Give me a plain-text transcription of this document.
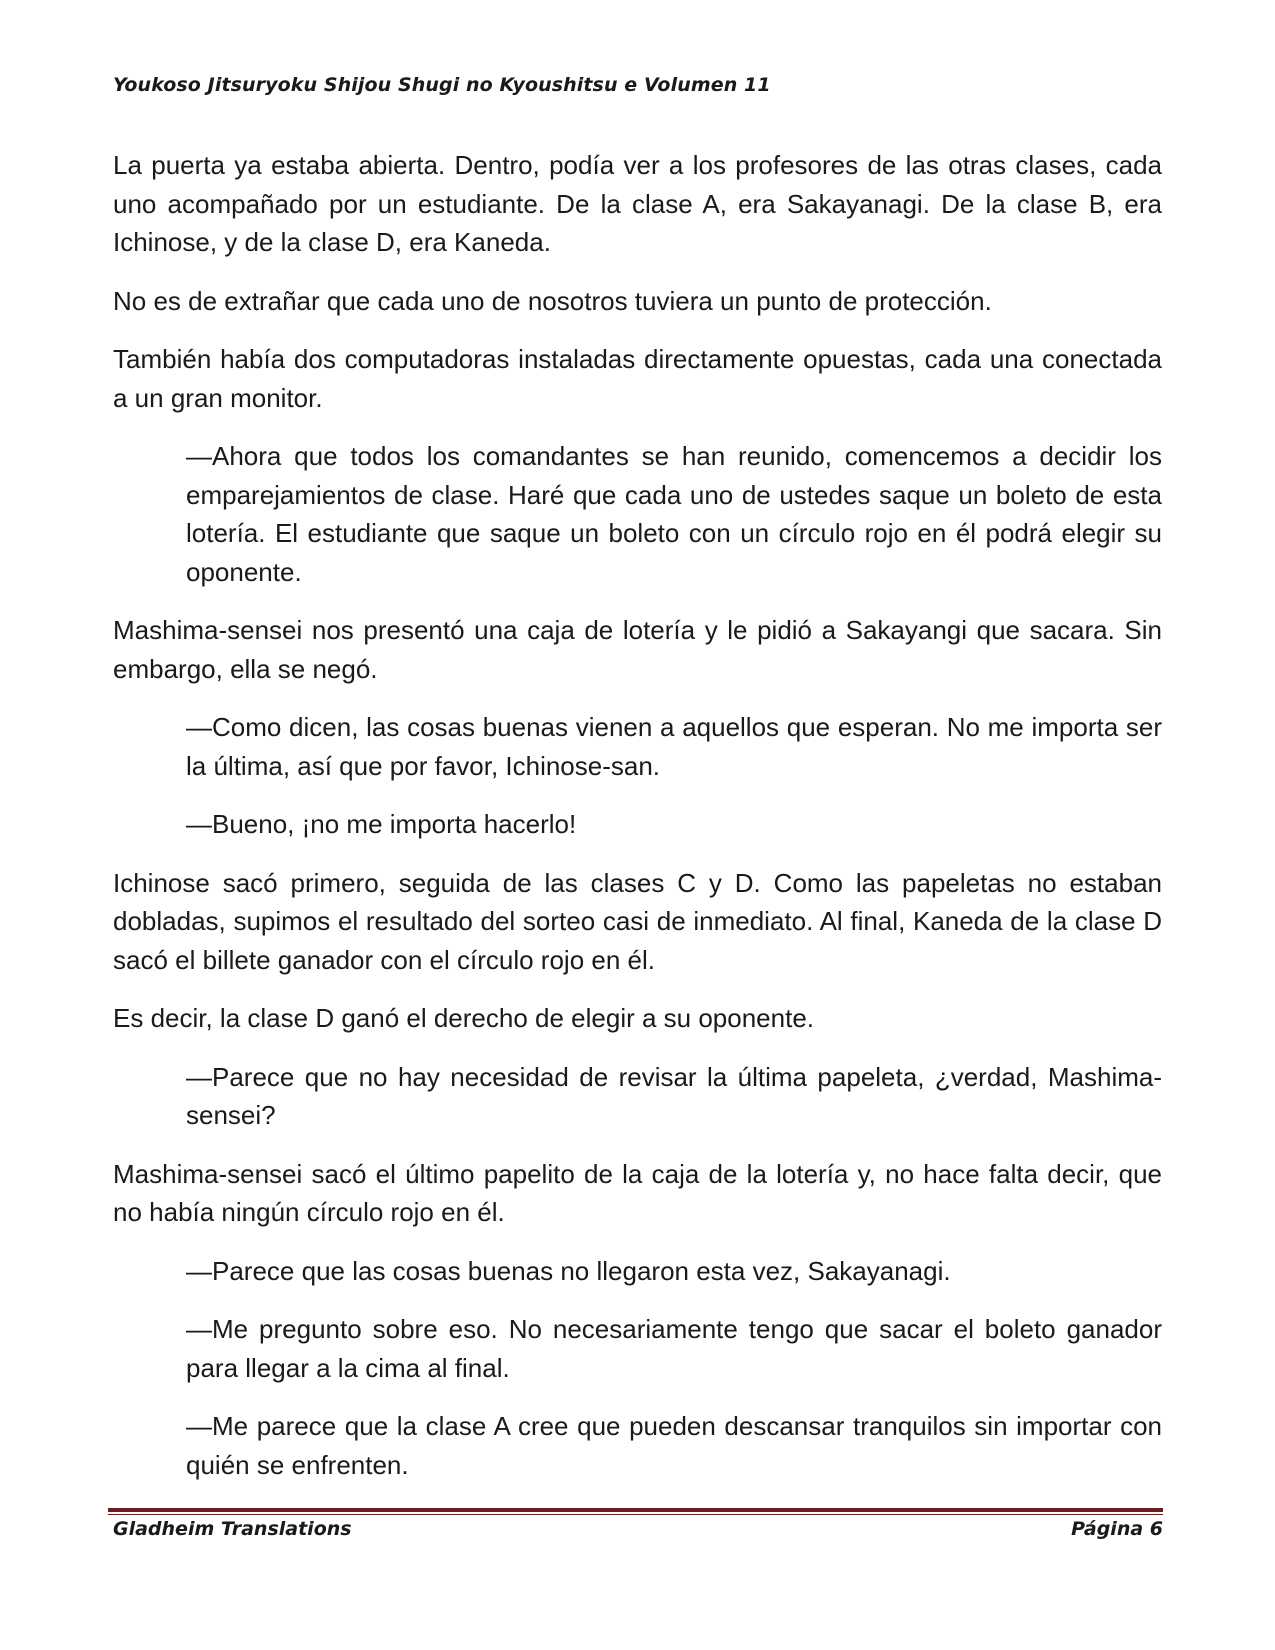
Youkoso Jitsuryoku Shijou Shugi no Kyoushitsu e Volumen 11

La puerta ya estaba abierta. Dentro, podía ver a los profesores de las otras clases, cada uno acompañado por un estudiante. De la clase A, era Sakayanagi. De la clase B, era Ichinose, y de la clase D, era Kaneda.

No es de extrañar que cada uno de nosotros tuviera un punto de protección.

También había dos computadoras instaladas directamente opuestas, cada una conectada a un gran monitor.

—Ahora que todos los comandantes se han reunido, comencemos a decidir los emparejamientos de clase. Haré que cada uno de ustedes saque un boleto de esta lotería. El estudiante que saque un boleto con un círculo rojo en él podrá elegir su oponente.

Mashima-sensei nos presentó una caja de lotería y le pidió a Sakayangi que sacara. Sin embargo, ella se negó.

—Como dicen, las cosas buenas vienen a aquellos que esperan. No me importa ser la última, así que por favor, Ichinose-san.

—Bueno, ¡no me importa hacerlo!

Ichinose sacó primero, seguida de las clases C y D. Como las papeletas no estaban dobladas, supimos el resultado del sorteo casi de inmediato. Al final, Kaneda de la clase D sacó el billete ganador con el círculo rojo en él.

Es decir, la clase D ganó el derecho de elegir a su oponente.

—Parece que no hay necesidad de revisar la última papeleta, ¿verdad, Mashima-sensei?

Mashima-sensei sacó el último papelito de la caja de la lotería y, no hace falta decir, que no había ningún círculo rojo en él.

—Parece que las cosas buenas no llegaron esta vez, Sakayanagi.

—Me pregunto sobre eso. No necesariamente tengo que sacar el boleto ganador para llegar a la cima al final.

—Me parece que la clase A cree que pueden descansar tranquilos sin importar con quién se enfrenten.

Gladheim Translations	Página 6
